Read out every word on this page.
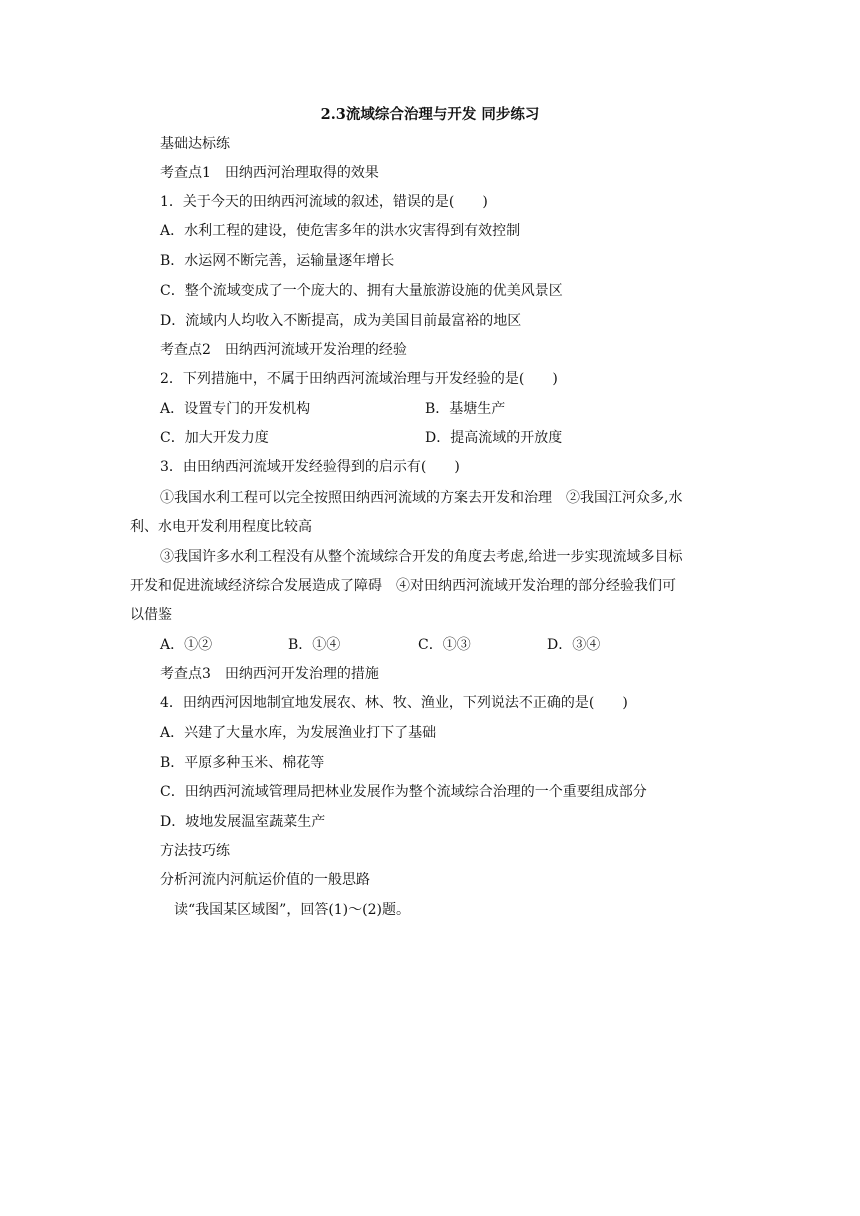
2.3流域综合治理与开发 同步练习
基础达标练
考查点1　田纳西河治理取得的效果
1．关于今天的田纳西河流域的叙述，错误的是(　　)
A．水利工程的建设，使危害多年的洪水灾害得到有效控制
B．水运网不断完善，运输量逐年增长
C．整个流域变成了一个庞大的、拥有大量旅游设施的优美风景区
D．流域内人均收入不断提高，成为美国目前最富裕的地区
考查点2　田纳西河流域开发治理的经验
2．下列措施中，不属于田纳西河流域治理与开发经验的是(　　)
A．设置专门的开发机构	B．基塘生产
C．加大开发力度	D．提高流域的开放度
3．由田纳西河流域开发经验得到的启示有(　　)
①我国水利工程可以完全按照田纳西河流域的方案去开发和治理　②我国江河众多,水
利、水电开发利用程度比较高
③我国许多水利工程没有从整个流域综合开发的角度去考虑,给进一步实现流域多目标
开发和促进流域经济综合发展造成了障碍　④对田纳西河流域开发治理的部分经验我们可
以借鉴
A．①②	B．①④	C．①③	D．③④
考查点3　田纳西河开发治理的措施
4．田纳西河因地制宜地发展农、林、牧、渔业，下列说法不正确的是(　　)
A．兴建了大量水库，为发展渔业打下了基础
B．平原多种玉米、棉花等
C．田纳西河流域管理局把林业发展作为整个流域综合治理的一个重要组成部分
D．坡地发展温室蔬菜生产
方法技巧练
分析河流内河航运价值的一般思路
读“我国某区域图”，回答(1)～(2)题。
